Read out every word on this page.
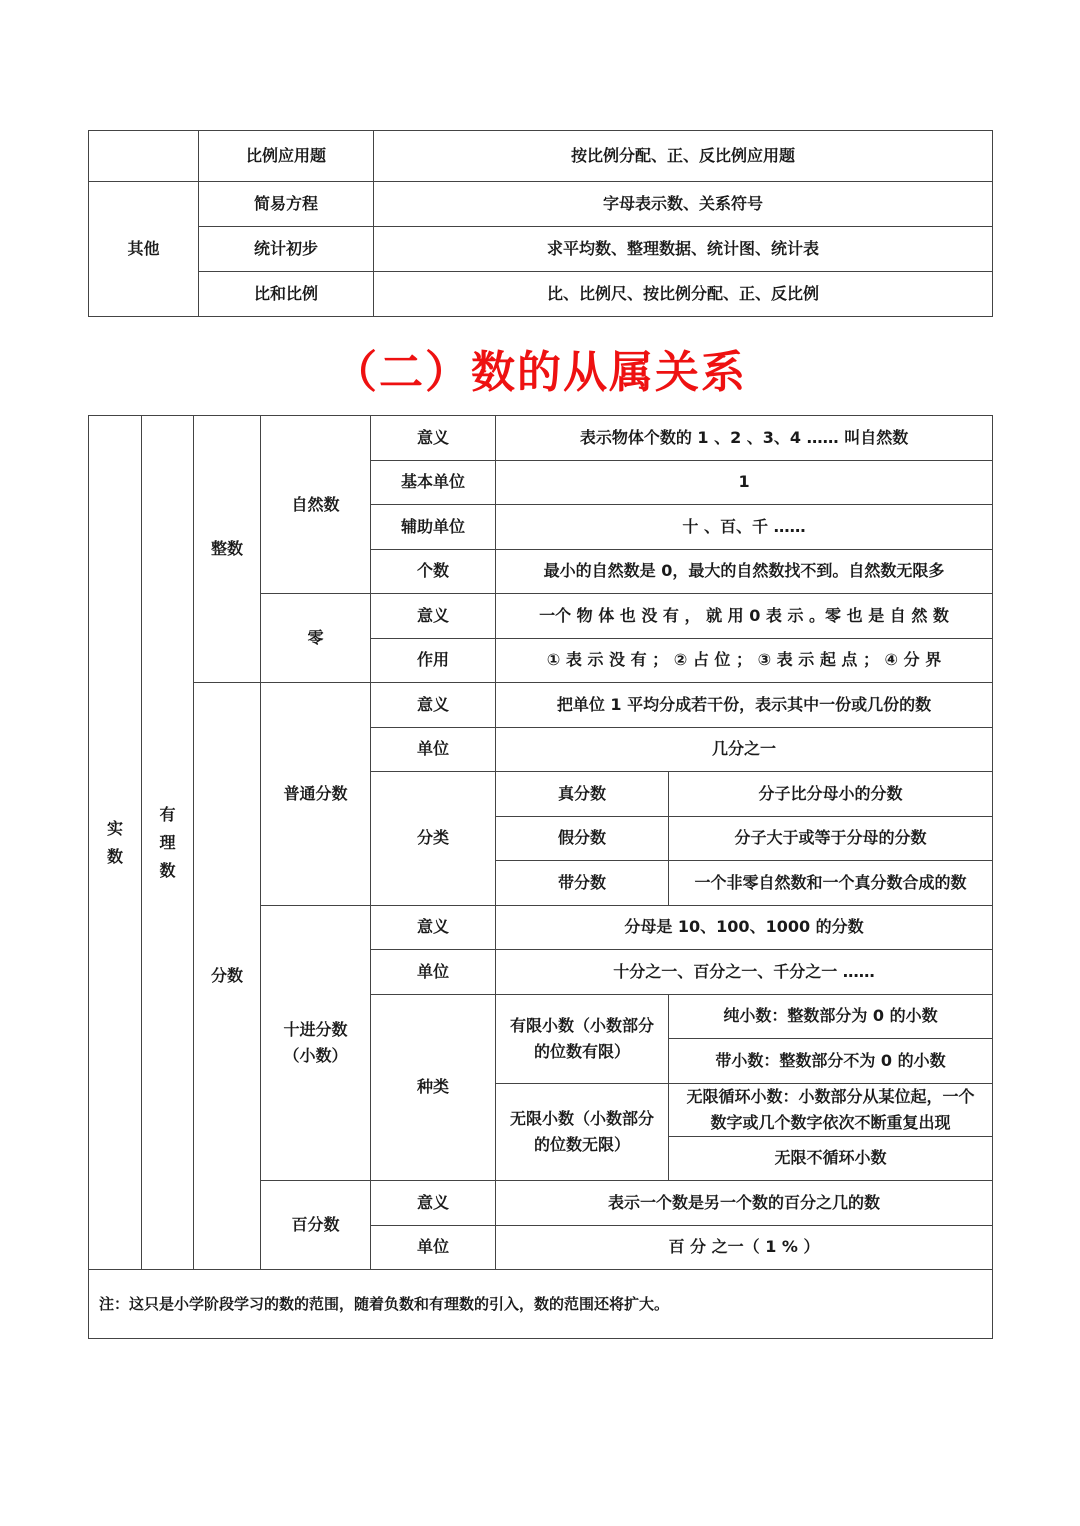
	比例应用题	按比例分配、正、反比例应用题
其他	简易方程	字母表示数、关系符号
	统计初步	求平均数、整理数据、统计图、统计表
	比和比例	比、比例尺、按比例分配、正、反比例
（二）数的从属关系
实数	有理数	整数	自然数	意义	表示物体个数的 1 、2 、3、4 …… 叫自然数	
				基本单位	1	
				辅助单位	十 、百、千 ……	
				个数	最小的自然数是 0，最大的自然数找不到。自然数无限多	
			零	意义	一个 物 体 也 没 有 ， 就 用 0 表 示 。零 也 是 自 然 数	
				作用	① 表 示 没 有 ； ② 占 位 ； ③ 表 示 起 点 ； ④ 分 界	
		分数	普通分数	意义	把单位 1 平均分成若干份，表示其中一份或几份的数	
				单位	几分之一	
				分类	真分数	分子比分母小的分数
					假分数	分子大于或等于分母的分数
					带分数	一个非零自然数和一个真分数合成的数
			十进分数（小数）	意义	分母是 10、100、1000 的分数	
				单位	十分之一、百分之一、千分之一 ……	
				种类	有限小数（小数部分的位数有限）	纯小数：整数部分为 0 的小数
						带小数：整数部分不为 0 的小数
					无限小数（小数部分的位数无限）	无限循环小数：小数部分从某位起，一个数字或几个数字依次不断重复出现

						无限不循环小数
			百分数	意义	表示一个数是另一个数的百分之几的数	
				单位	百 分 之一（ 1 % ）	
注：这只是小学阶段学习的数的范围，随着负数和有理数的引入，数的范围还将扩大。						
